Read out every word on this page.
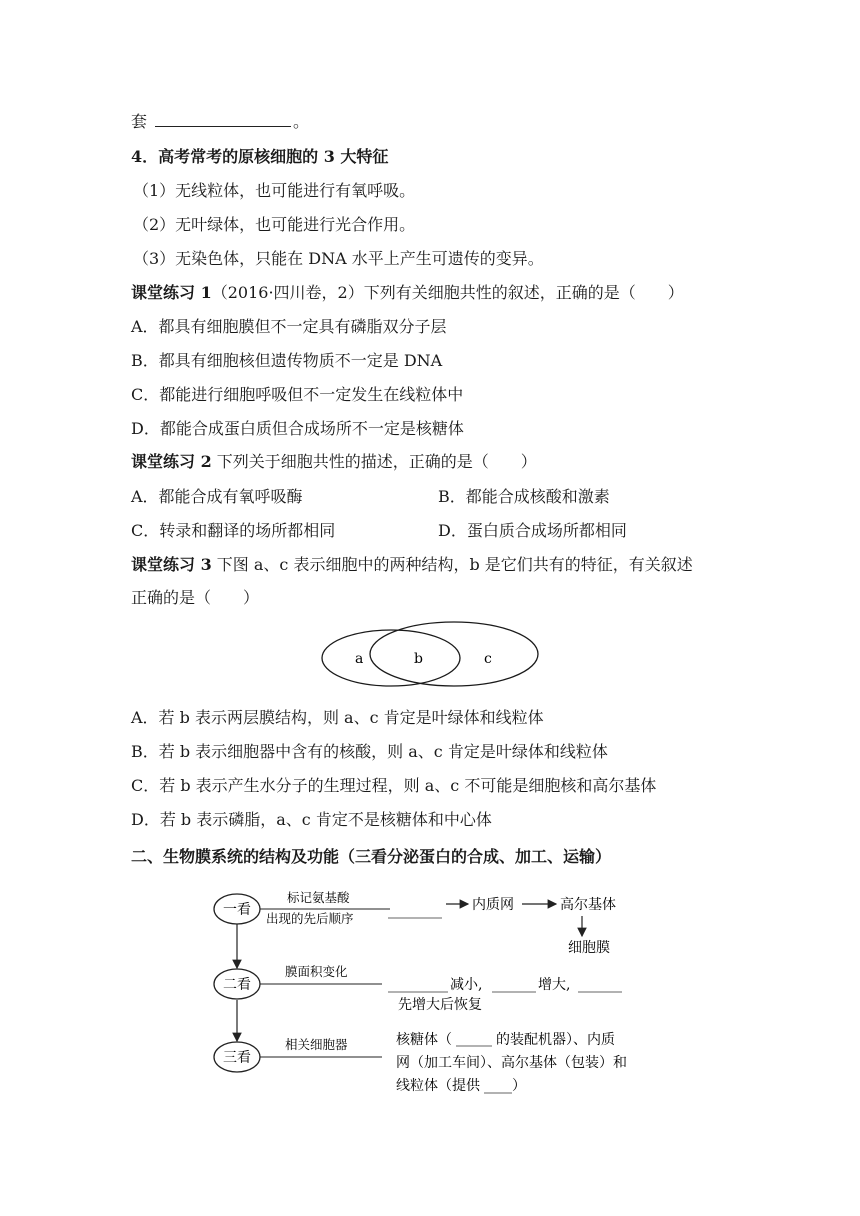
套	。
4．高考常考的原核细胞的 3 大特征
（1）无线粒体，也可能进行有氧呼吸。
（2）无叶绿体，也可能进行光合作用。
（3）无染色体，只能在 DNA 水平上产生可遗传的变异。
课堂练习 1（2016·四川卷，2）下列有关细胞共性的叙述，正确的是（　　）
A．都具有细胞膜但不一定具有磷脂双分子层
B．都具有细胞核但遗传物质不一定是 DNA
C．都能进行细胞呼吸但不一定发生在线粒体中
D．都能合成蛋白质但合成场所不一定是核糖体
课堂练习 2 下列关于细胞共性的描述，正确的是（　　）
A．都能合成有氧呼吸酶	B．都能合成核酸和激素
C．转录和翻译的场所都相同	D．蛋白质合成场所都相同
课堂练习 3 下图 a、c 表示细胞中的两种结构，b 是它们共有的特征，有关叙述
正确的是（　　）
a	b	c
A．若 b 表示两层膜结构，则 a、c 肯定是叶绿体和线粒体
B．若 b 表示细胞器中含有的核酸，则 a、c 肯定是叶绿体和线粒体
C．若 b 表示产生水分子的生理过程，则 a、c 不可能是细胞核和高尔基体
D．若 b 表示磷脂，a、c 肯定不是核糖体和中心体
二、生物膜系统的结构及功能（三看分泌蛋白的合成、加工、运输）
一看
标记氨基酸
出现的先后顺序
内质网	高尔基体
细胞膜
二看
膜面积变化
减小,	增大,
先增大后恢复
三看
相关细胞器	核糖体（	的装配机器）、内质
网（加工车间）、高尔基体（包装）和
线粒体（提供 ）
